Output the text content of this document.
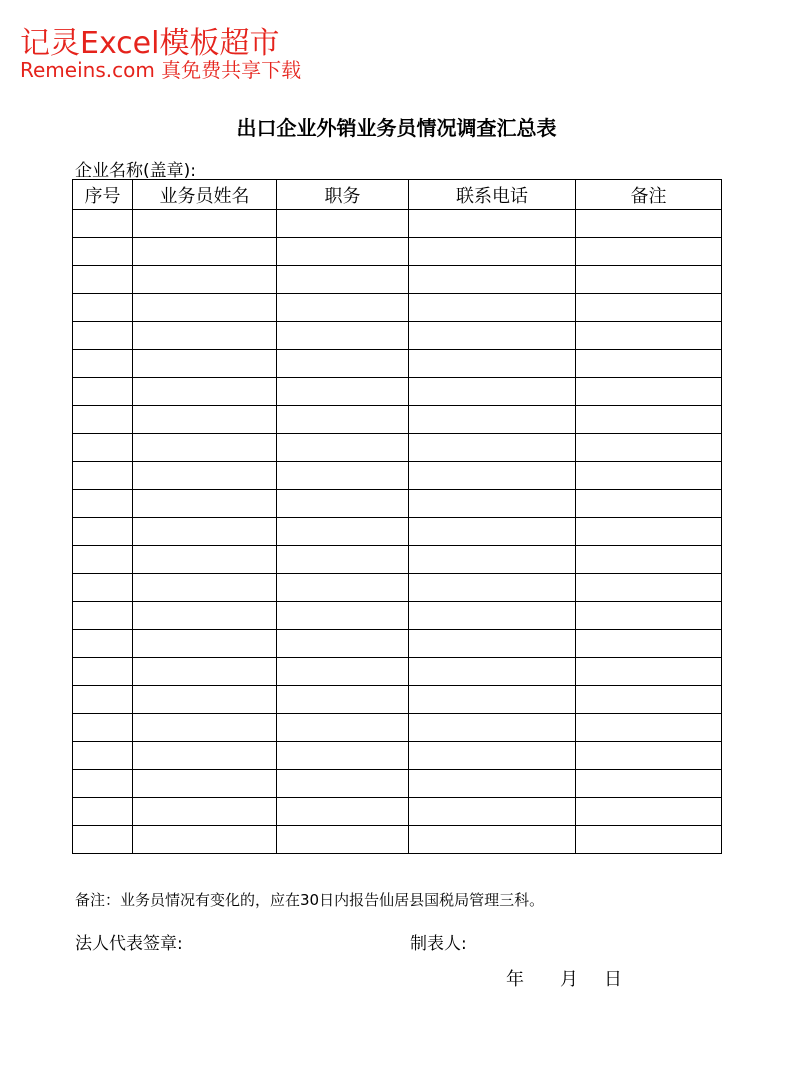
记灵Excel模板超市
Remeins.com 真免费共享下载
出口企业外销业务员情况调查汇总表
企业名称(盖章):
序号	业务员姓名	职务	联系电话	备注

备注：业务员情况有变化的，应在30日内报告仙居县国税局管理三科。
法人代表签章:	制表人:
年 月 日
